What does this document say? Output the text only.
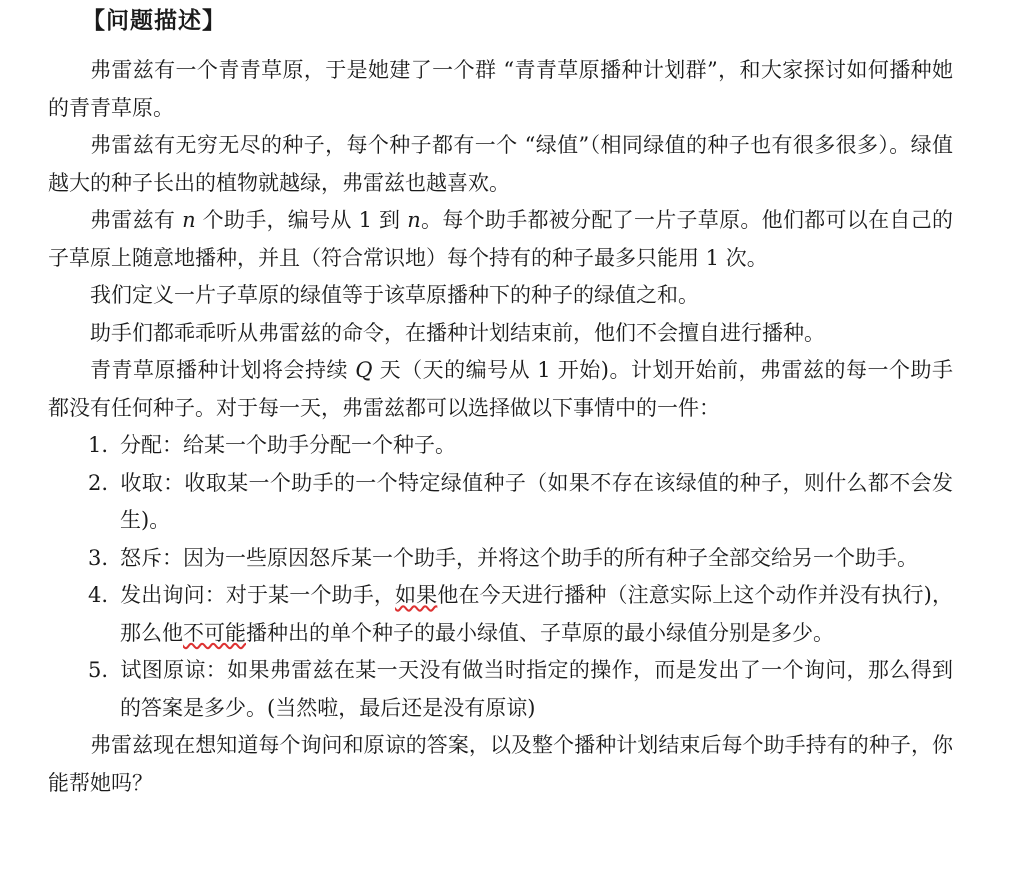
【问题描述】

弗雷兹有一个青青草原，于是她建了一个群 “青青草原播种计划群”，和大家探讨如何播种她的青青草原。

弗雷兹有无穷无尽的种子，每个种子都有一个 “绿值”（相同绿值的种子也有很多很多）。绿值越大的种子长出的植物就越绿，弗雷兹也越喜欢。

弗雷兹有 n 个助手，编号从 1 到 n。每个助手都被分配了一片子草原。他们都可以在自己的子草原上随意地播种，并且（符合常识地）每个持有的种子最多只能用 1 次。

我们定义一片子草原的绿值等于该草原播种下的种子的绿值之和。

助手们都乖乖听从弗雷兹的命令，在播种计划结束前，他们不会擅自进行播种。

青青草原播种计划将会持续 Q 天（天的编号从 1 开始)。计划开始前，弗雷兹的每一个助手都没有任何种子。对于每一天，弗雷兹都可以选择做以下事情中的一件：

1. 分配：给某一个助手分配一个种子。

2. 收取：收取某一个助手的一个特定绿值种子（如果不存在该绿值的种子，则什么都不会发生)。

3. 怒斥：因为一些原因怒斥某一个助手，并将这个助手的所有种子全部交给另一个助手。

4. 发出询问：对于某一个助手，如果他在今天进行播种（注意实际上这个动作并没有执行)，那么他不可能播种出的单个种子的最小绿值、子草原的最小绿值分别是多少。

5. 试图原谅：如果弗雷兹在某一天没有做当时指定的操作，而是发出了一个询问，那么得到的答案是多少。(当然啦，最后还是没有原谅)

弗雷兹现在想知道每个询问和原谅的答案，以及整个播种计划结束后每个助手持有的种子，你能帮她吗？
